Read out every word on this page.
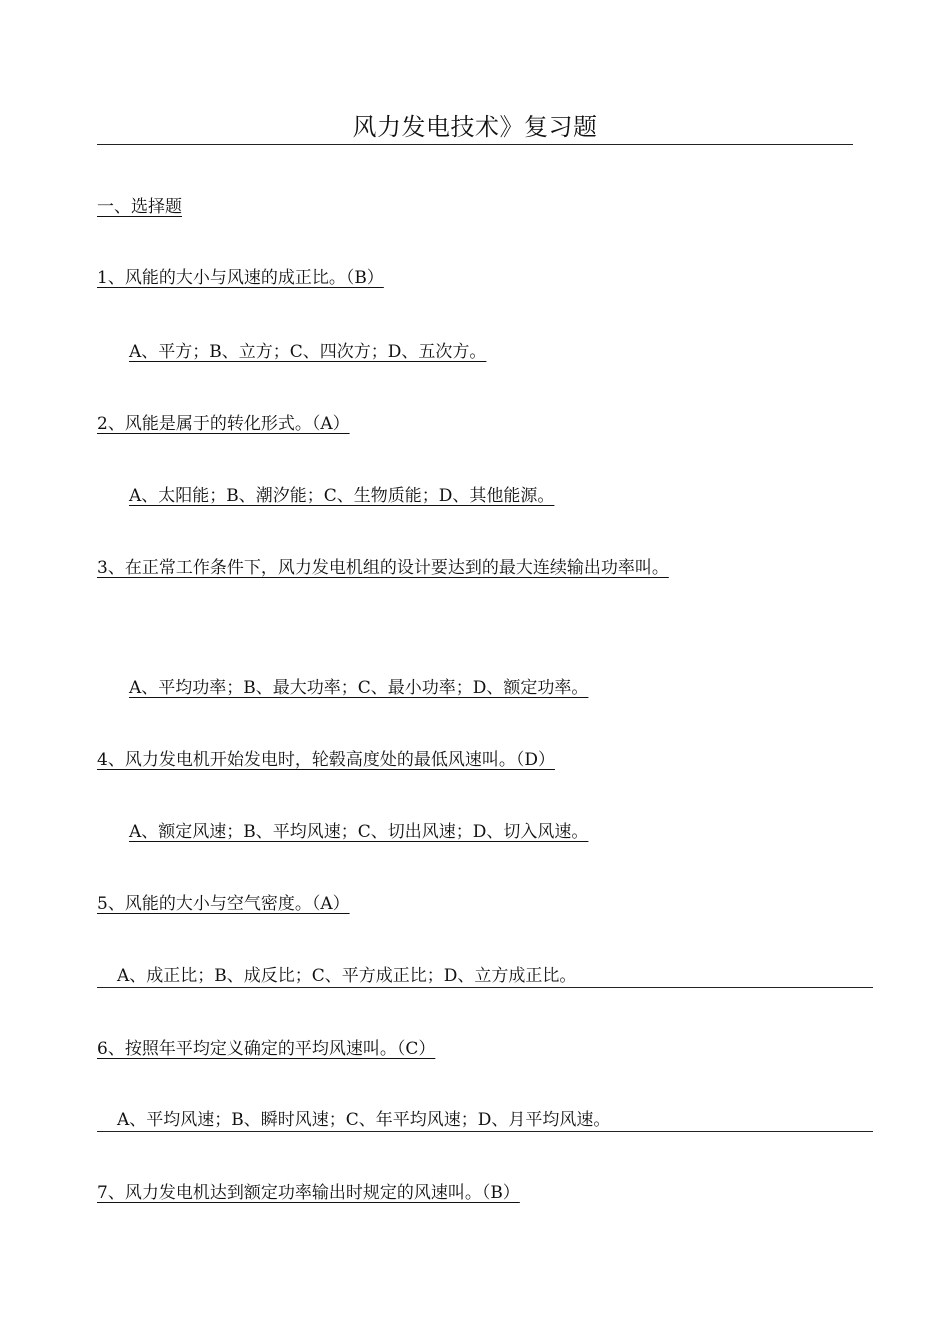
风力发电技术》复习题
一、选择题
1、风能的大小与风速的成正比。（B）
A、平方；B、立方；C、四次方；D、五次方。
2、风能是属于的转化形式。（A）
A、太阳能；B、潮汐能；C、生物质能；D、其他能源。
3、在正常工作条件下，风力发电机组的设计要达到的最大连续输出功率叫。
A、平均功率；B、最大功率；C、最小功率；D、额定功率。
4、风力发电机开始发电时，轮毂高度处的最低风速叫。（D）
A、额定风速；B、平均风速；C、切出风速；D、切入风速。
5、风能的大小与空气密度。（A）
A、成正比；B、成反比；C、平方成正比；D、立方成正比。
6、按照年平均定义确定的平均风速叫。（C）
A、平均风速；B、瞬时风速；C、年平均风速；D、月平均风速。
7、风力发电机达到额定功率输出时规定的风速叫。（B）
